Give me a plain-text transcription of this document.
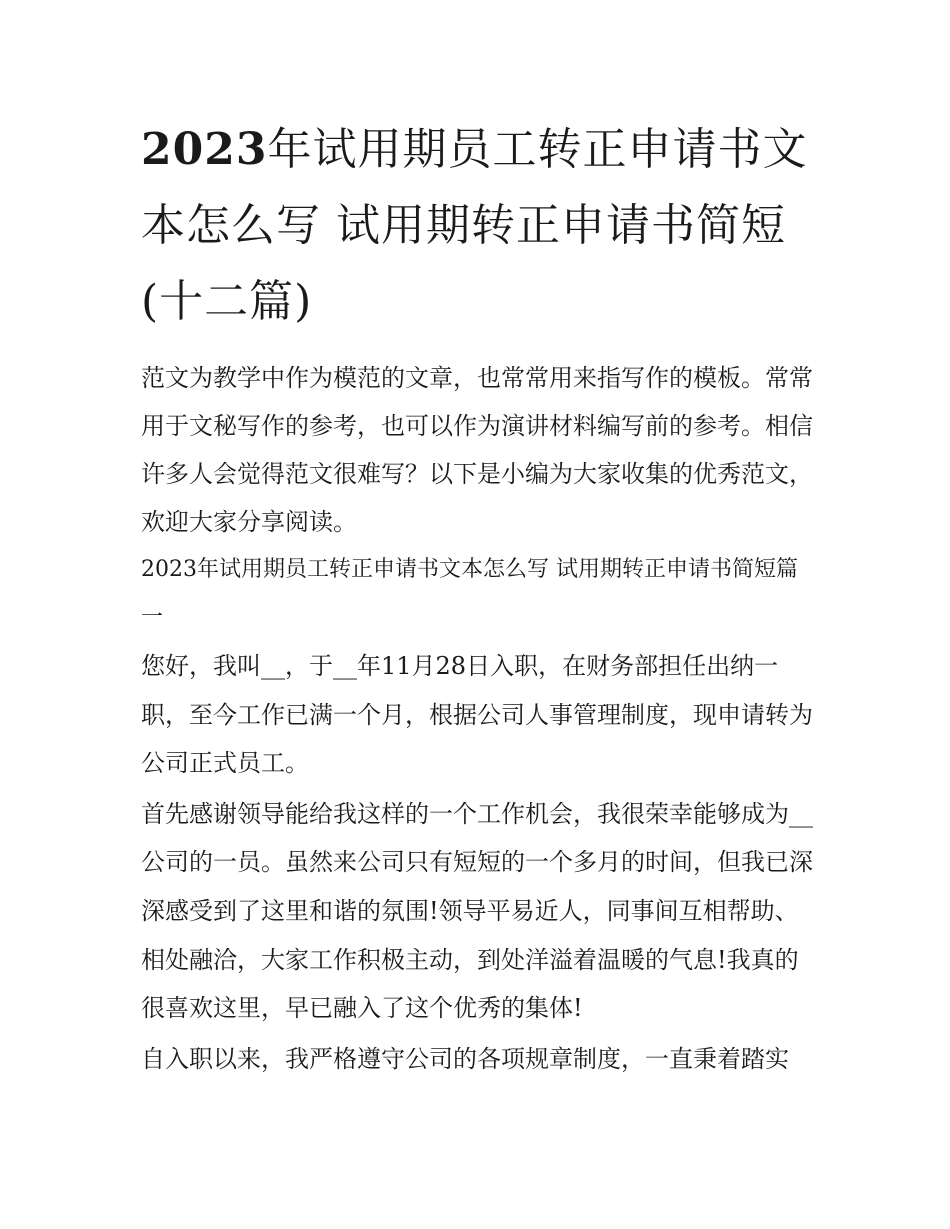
2023年试用期员工转正申请书文本怎么写 试用期转正申请书简短(十二篇)

范文为教学中作为模范的文章，也常常用来指写作的模板。常常用于文秘写作的参考，也可以作为演讲材料编写前的参考。相信许多人会觉得范文很难写？以下是小编为大家收集的优秀范文，欢迎大家分享阅读。

2023年试用期员工转正申请书文本怎么写 试用期转正申请书简短篇一

您好，我叫__，于__年11月28日入职，在财务部担任出纳一职，至今工作已满一个月，根据公司人事管理制度，现申请转为公司正式员工。

首先感谢领导能给我这样的一个工作机会，我很荣幸能够成为__公司的一员。虽然来公司只有短短的一个多月的时间，但我已深深感受到了这里和谐的氛围!领导平易近人，同事间互相帮助、相处融洽，大家工作积极主动，到处洋溢着温暖的气息!我真的很喜欢这里，早已融入了这个优秀的集体!

自入职以来，我严格遵守公司的各项规章制度，一直秉着踏实
